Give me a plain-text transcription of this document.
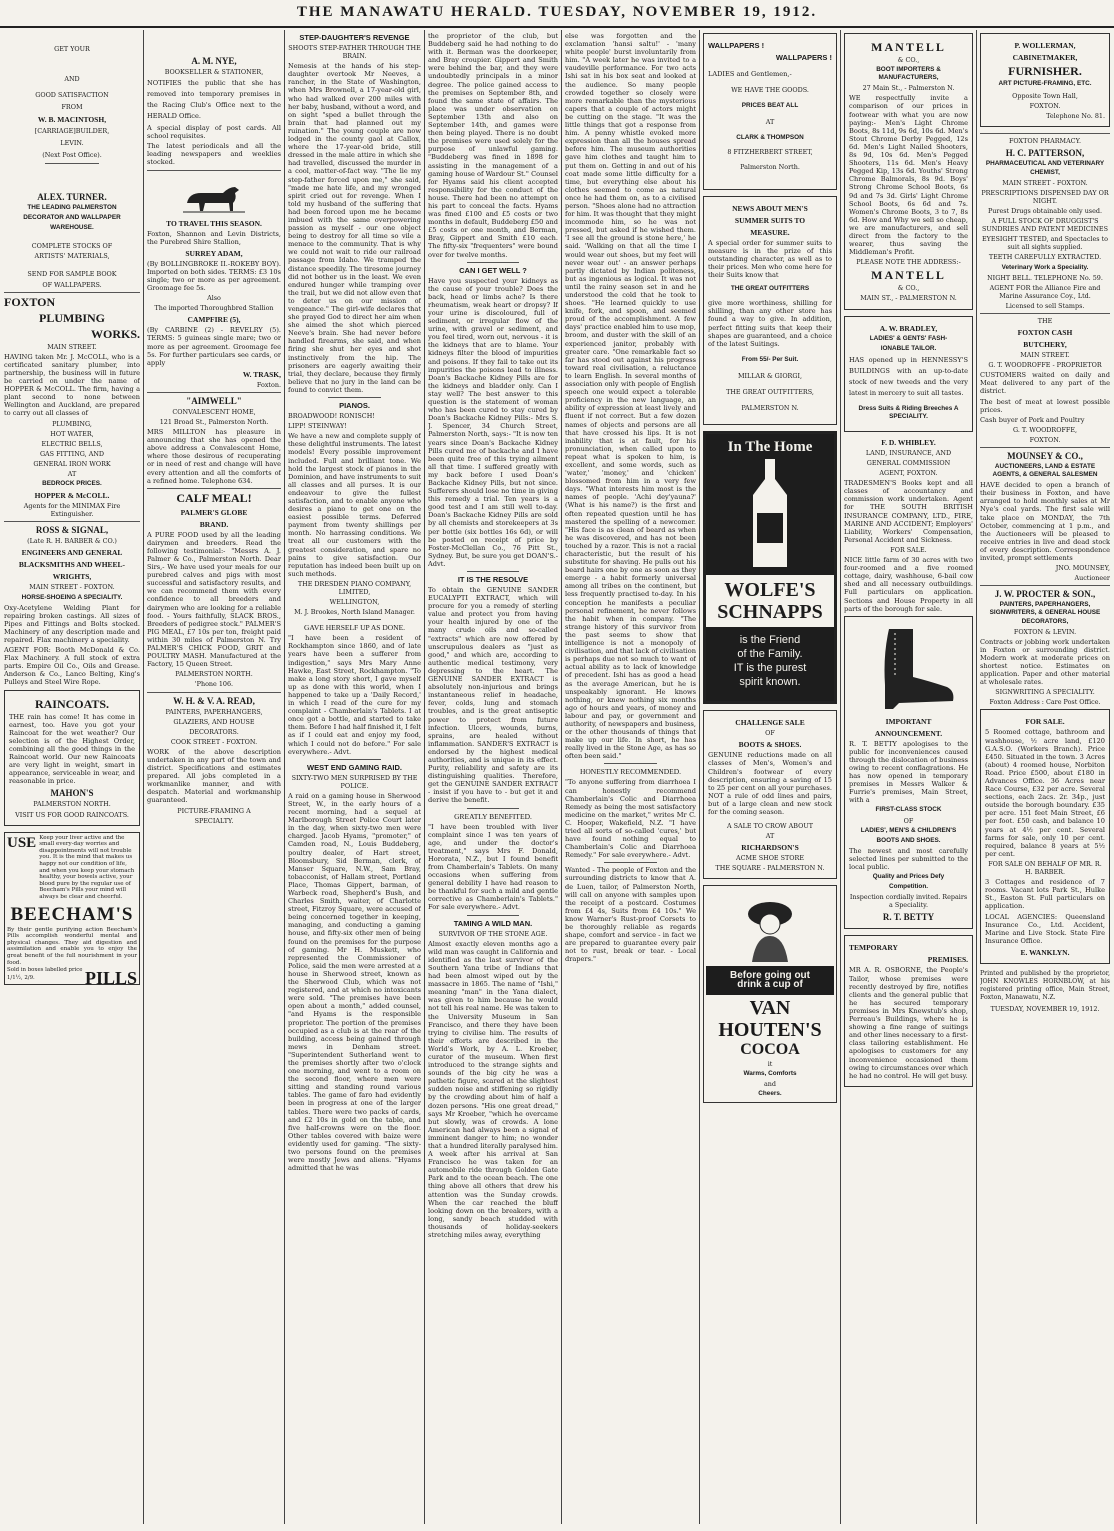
THE MANAWATU HERALD. TUESDAY, NOVEMBER 19, 1912.
GET YOUR
AND
GOOD SATISFACTION
FROM
W. B. MACINTOSH,
[CARRIAGE]BUILDER,
LEVIN.
(Next Post Office).
ALEX. TURNER.
THE LEADING PALMERSTON
DECORATOR AND WALLPAPER
WAREHOUSE.
COMPLETE STOCKS OF
ARTISTS' MATERIALS,
SEND FOR SAMPLE BOOK
OF WALLPAPERS.
FOXTON
PLUMBING
WORKS.
MAIN STREET.
HAVING taken Mr. J. McCOLL, who is a certificated sanitary plumber, into partnership, the business will in future be carried on under the name of HOPPER & McCOLL. The firm, having a plant second to none between Wellington and Auckland, are prepared to carry out all classes of
PLUMBING,
HOT WATER,
ELECTRIC BELLS,
GAS FITTING, AND
GENERAL IRON WORK
AT
BEDROCK PRICES.
HOPPER & McCOLL.
Agents for the MINIMAX Fire Extinguisher.
ROSS & SIGNAL,
(Late R. H. BARBER & CO.)
ENGINEERS AND GENERAL
BLACKSMITHS AND WHEEL-
WRIGHTS,
MAIN STREET - FOXTON.
HORSE-SHOEING A SPECIALITY.
Oxy-Acetylene Welding Plant for repairing broken castings. All sizes of Pipes and Fittings and Bolts stocked. Machinery of any description made and repaired. Flax machinery a speciality.
AGENT FOR: Booth McDonald & Co. Flax Machinery. A full stock of extra parts. Empire Oil Co., Oils and Grease. Anderson & Co., Lanco Belting, King's Pulleys and Steel Wire Rope.
RAINCOATS.
THE rain has come! It has come in earnest, too. Have you got your Raincoat for the wet weather? Our selection is of the Highest Order, combining all the good things in the Raincoat world. Our new Raincoats are very light in weight, smart in appearance, serviceable in wear, and reasonable in price.
MAHON'S
PALMERSTON NORTH.
VISIT US FOR GOOD RAINCOATS.
USE Keep your liver active and the small every-day worries and disappointments will not trouble you. It is the mind that makes us happy not our condition of life, and when you keep your stomach healthy, your bowels active, your blood pure by the regular use of Beecham's Pills your mind will always be clear and cheerful.
BEECHAM'S
By their gentle purifying action Beecham's Pills accomplish wonderful mental and physical changes. They aid digestion and assimilation and enable you to enjoy the great benefit of the full nourishment in your food.
Sold in boxes labelled price 1/1½, 2/9.	PILLS
A. M. NYE,
BOOKSELLER & STATIONER,
NOTIFIES the public that she has removed into temporary premises in the Racing Club's Office next to the HERALD Office.
A special display of post cards. All school requisites.
The latest periodicals and all the leading newspapers and weeklies stocked.
TO TRAVEL THIS SEASON.
Foxton, Shannon and Levin Districts, the Purebred Shire Stallion,
SURREY ADAM,
(By BOLLINGBROKE II.-ROKEBY BOY). Imported on both sides. TERMS: £3 10s single; two or more as per agreement. Groomage fee 5s.
Also
The imported Thoroughbred Stallion
CAMPFIRE (5),
(By CARBINE (2) - REVELRY (5). TERMS: 5 guineas single mare; two or more as per agreement. Groomage fee 5s. For further particulars see cards, or apply
W. TRASK,
Foxton.
"AIMWELL"
CONVALESCENT HOME,
121 Broad St., Palmerston North.
MRS MILLTON has pleasure in announcing that she has opened the above address a Convalescent Home, where those desirous of recuperating or in need of rest and change will have every attention and all the comforts of a refined home. Telephone 634.
CALF MEAL!
PALMER'S GLOBE
BRAND.
A PURE FOOD used by all the leading dairymen and breeders. Read the following testimonial:- "Messrs A. J. Palmer & Co., Palmerston North. Dear Sirs,- We have used your meals for our purebred calves and pigs with most successful and satisfactory results, and we can recommend them with every confidence to all breeders and dairymen who are looking for a reliable food. - Yours faithfully, SLACK BROS., Breeders of pedigree stock." PALMER'S PIG MEAL, £7 10s per ton, freight paid within 30 miles of Palmerston N. Try PALMER'S CHICK FOOD, GRIT and POULTRY MASH. Manufactured at the Factory, 15 Queen Street.
PALMERSTON NORTH.
'Phone 106.
W. H. & V. A. READ,
PAINTERS, PAPERHANGERS,
GLAZIERS, AND HOUSE
DECORATORS.
COOK STREET - FOXTON.
WORK of the above description undertaken in any part of the town and district. Specifications and estimates prepared. All jobs completed in a workmanlike manner, and with despatch. Material and workmanship guaranteed.
PICTURE-FRAMING A
SPECIALTY.
STEP-DAUGHTER'S REVENGE
SHOOTS STEP-FATHER THROUGH THE BRAIN.
Nemesis at the hands of his step-daughter overtook Mr Neeves, a rancher, in the State of Washington, when Mrs Brownell, a 17-year-old girl, who had walked over 200 miles with her baby, husband, without a word, and on sight "sped a bullet through the brain that had planned out my ruination." The young couple are now lodged in the county gaol at Callox, where the 17-year-old bride, still dressed in the male attire in which she had travelled, discussed the murder in a cool, matter-of-fact way. "The lie my step-father forced upon me," she said, "made me hate life, and my wronged spirit cried out for revenge. When I told my husband of the suffering that had been forced upon me he became imbued with the same overpowering passion as myself - our one object being to destroy for all time so vile a menace to the community. That is why we could not wait to ride our railroad passage from Idaho. We tramped the distance speedily. The tiresome journey did not bother us in the least. We even endured hunger while tramping over the trail, but we did not allow even that to deter us on our mission of vengeance." The girl-wife declares that she prayed God to direct her aim when she aimed the shot which pierced Neeve's brain. She had never before handled firearms, she said, and when firing she shut her eyes and shot instinctively from the hip. The prisoners are eagerly awaiting their trial, they declare, because they firmly believe that no jury in the land can be found to convict them.
PIANOS.
BROADWOOD! RONISCH!
LIPP! STEINWAY!
We have a new and complete supply of these delightful instruments. The latest models! Every possible improvement included. Full and brilliant tone. We hold the largest stock of pianos in the Dominion, and have instruments to suit all classes and all purses. It is our endeavour to give the fullest satisfaction, and to enable anyone who desires a piano to get one on the easiest possible terms. Deferred payment from twenty shillings per month. No harrassing conditions. We treat all our customers with the greatest consideration, and spare no pains to give satisfaction. Our reputation has indeed been built up on such methods.
THE DRESDEN PIANO COMPANY, LIMITED,
WELLINGTON,
M. J. Brookes, North Island Manager.
GAVE HERSELF UP AS DONE.
"I have been a resident of Rockhampton since 1860, and of late years have been a sufferer from indigestion," says Mrs Mary Anne Hawke, East Street, Rockhampton. "To make a long story short, I gave myself up as done with this world, when I happened to take up a 'Daily Record,' in which I read of the cure for my complaint - Chamberlain's Tablets. I at once got a bottle, and started to take them. Before I had half finished it, I felt as if I could eat and enjoy my food, which I could not do before." For sale everywhere.- Advt.
WEST END GAMING RAID.
SIXTY-TWO MEN SURPRISED BY THE POLICE.
A raid on a gaming house in Sherwood Street, W., in the early hours of a recent morning, had a sequel at Marlborough Street Police Court later in the day, when sixty-two men were charged. Jacob Hyams, "promoter," of Camden road, N., Louis Buddeberg, poultry dealer, of Hart street, Bloomsbury, Sid Berman, clerk, of Manser Square, N.W., Sam Bray, tobacconist, of Hallam street, Portland Place, Thomas Gippert, barman, of Warbeck road, Shepherd's Bush, and Charles Smith, waiter, of Charlotte street, Fitzroy Square, were accused of being concerned together in keeping, managing, and conducting a gaming house, and fifty-six other men of being found on the premises for the purpose of gaming. Mr H. Muskett, who represented the Commissioner of Police, said the men were arrested at a house in Sherwood street, known as the Sherwood Club, which was not registered, and at which no intoxicants were sold. "The premises have been open about a month," added counsel, "and Hyams is the responsible proprietor. The portion of the premises occupied as a club is at the rear of the building, access being gained through mews in Denham street. "Superintendent Sutherland went to the premises shortly after two o'clock one morning, and went to a room on the second floor, where men were sitting and standing round various tables. The game of faro had evidently been in progress at one of the larger tables. There were two packs of cards, and £2 10s in gold on the table, and five half-crowns were on the floor. Other tables covered with baize were evidently used for gaming. "The sixty-two persons found on the premises were mostly Jews and aliens. "Hyams admitted that he was
the proprietor of the club, but Buddeberg said he had nothing to do with it. Berman was the doorkeeper, and Bray croupier. Gippert and Smith were behind the bar, and they were undoubtedly principals in a minor degree. The police gained access to the premises on September 8th, and found the same state of affairs. The place was under observation on September 13th and also on September 14th, and games were then being played. There is no doubt the premises were used solely for the purpose of unlawful gaming. "Buddeberg was fined in 1898 for assisting in the management of a gaming house of Wardour St." Counsel for Hyams said his client accepted responsibility for the conduct of the house. There had been no attempt on his part to conceal the facts. Hyams was fined £100 and £5 costs or two months in default, Buddeberg £50 and £5 costs or one month, and Berman, Bray, Gippert and Smith £10 each. The fifty-six "frequenters" were bound over for twelve months.
CAN I GET WELL ?
Have you suspected your kidneys as the cause of your trouble? Does the back, head or limbs ache? Is there rheumatism, weak heart or dropsy? If your urine is discoloured, full of sediment, or irregular flow of the urine, with gravel or sediment, and you feel tired, worn out, nervous - it is the kidneys that are to blame. Your kidneys filter the blood of impurities and poisons. If they fail to take out its impurities the poisons lead to illness. Doan's Backache Kidney Pills are for the kidneys and bladder only. Can I stay well? The best answer to this question is the statement of woman who has been cured to stay cured by Doan's Backache Kidney Pills:- Mrs S. J. Spencer, 34 Church Street, Palmerston North, says:- "It is now ten years since Doan's Backache Kidney Pills cured me of backache and I have been quite free of this trying ailment all that time. I suffered greatly with my back before I used Doan's Backache Kidney Pills, but not since. Sufferers should lose no time in giving this remedy a trial. Ten years is a good test and I am still well to-day. Doan's Backache Kidney Pills are sold by all chemists and storekeepers at 3s per bottle (six bottles 16s 6d), or will be posted on receipt of price by Foster-McClellan Co., 76 Pitt St., Sydney. But, be sure you get DOAN'S.- Advt.
IT IS THE RESOLVE
To obtain the GENUINE SANDER EUCALYPTI EXTRACT, which will procure for you a remedy of sterling value and protect you from having your health injured by one of the many crude oils and so-called "extracts" which are now offered by unscrupulous dealers as "just as good," and which are, according to authentic medical testimony, very depressing to the heart. The GENUINE SANDER EXTRACT is absolutely non-injurious and brings instantaneous relief in headache, fever, colds, lung and stomach troubles, and is the great antiseptic power to protect from future infection. Ulcers, wounds, burns, sprains, are healed without inflammation. SANDER'S EXTRACT is endorsed by the highest medical authorities, and is unique in its effect. Purity, reliability and safety are its distinguishing qualities. Therefore, get the GENUINE SANDER EXTRACT - insist if you have to - but get it and derive the benefit.
GREATLY BENEFITED.
"I have been troubled with liver complaint since I was ten years of age, and under the doctor's treatment," says Mrs F. Donald, Hororata, N.Z., but I found benefit from Chamberlain's Tablets. On many occasions when suffering from general debility I have had reason to be thankful for such a mild and gentle corrective as Chamberlain's Tablets." For sale everywhere.- Advt.
TAMING A WILD MAN.
SURVIVOR OF THE STONE AGE.
Almost exactly eleven months ago a wild man was caught in California and identified as the last survivor of the Southern Yana tribe of Indians that had been almost wiped out by the massacre in 1865. The name of "Ishi," meaning "man" in the Yana dialect, was given to him because he would not tell his real name. He was taken to the University Museum in San Francisco, and there they have been trying to civilise him. The results of their efforts are described in the World's Work, by A. L. Kroeber, curator of the museum. When first introduced to the strange sights and sounds of the big city he was a pathetic figure, scared at the slightest sudden noise and stiffening so rigidly by the crowding about him of half a dozen persons. "His one great dread," says Mr Kroeber, "which he overcame but slowly, was of crowds. A lone American had always been a signal of imminent danger to him; no wonder that a hundred literally paralysed him. A week after his arrival at San Francisco he was taken for an automobile ride through Golden Gate Park and to the ocean beach. The one thing above all others that drew his attention was the Sunday crowds. When the car reached the bluff looking down on the breakers, with a long, sandy beach studded with thousands of holiday-seekers stretching miles away, everything
else was forgotten and the exclamation 'hansi saltu!' - 'many white people' burst involuntarily from him. "A week later he was invited to a vaudeville performance. For two acts Ishi sat in his box seat and looked at the audience. So many people crowded together so closely were more remarkable than the mysterious capers that a couple of actors might be cutting on the stage. "It was the little things that got a response from him. A penny whistle evoked more expression than all the houses spread before him. The museum authorities gave him clothes and taught him to put them on. Getting in and out of his coat made some little difficulty for a time, but everything else about his clothes seemed to come as natural once he had them on, as to a civilised person. "Shoes alone had no attraction for him. It was thought that they might incommode him, so he was not pressed, but asked if he wished them. 'I see all the ground is stone here,' he said. 'Walking on that all the time I would wear out shoes, but my feet will never wear out' - an answer perhaps partly dictated by Indian politeness, but as ingenious as logical. It was not until the rainy season set in and he understood the cold that he took to shoes. "He learned quickly to use knife, fork, and spoon, and seemed proud of the accomplishment. A few days' practice enabled him to use mop, broom, and duster with the skill of an experienced janitor, probably with greater care. "One remarkable fact so far has stood out against his progress toward real civilisation, a reluctance to learn English. In several months of association only with people of English speech one would expect a tolerable proficiency in the new language, an ability of expression at least lively and fluent if not correct. But a few dozen names of objects and persons are all that have crossed his lips. It is not inability that is at fault, for his pronunciation, when called upon to repeat what is spoken to him, is excellent, and some words, such as 'water,' 'money,' and 'chicken' blossomed from him in a very few days. "What interests him most is the names of people. 'Achi dey'yauna?' (What is his name?) is the first and often repeated question until he has mastered the spelling of a newcomer. "His face is as clean of beard as when he was discovered, and has not been touched by a razor. This is not a racial characteristic, but the result of his substitute for shaving. He pulls out his beard hairs one by one as soon as they emerge - a habit formerly universal among all tribes on the continent, but less frequently practised to-day. In his conception he manifests a peculiar personal refinement, he never follows the habit when in company. "The strange history of this survivor from the past seems to show that intelligence is not a monopoly of civilisation, and that lack of civilisation is perhaps due not so much to want of actual ability as to lack of knowledge of precedent. Ishi has as good a head as the average American, but he is unspeakably ignorant. He knows nothing, or knew nothing six months ago of hours and years, of money and labour and pay, or government and authority, of newspapers and business, or the other thousands of things that make up our life. In short, he has really lived in the Stone Age, as has so often been said."
HONESTLY RECOMMENDED.
"To anyone suffering from diarrhoea I can honestly recommend Chamberlain's Colic and Diarrhoea Remedy as being the most satisfactory medicine on the market," writes Mr C. C. Hooper, Wakefield, N.Z. "I have tried all sorts of so-called 'cures,' but have found nothing equal to Chamberlain's Colic and Diarrhoea Remedy." For sale everywhere.- Advt.
Wanted - The people of Foxton and the surrounding districts to know that A. de Luen, tailor, of Palmerston North, will call on anyone with samples upon the receipt of a postcard. Costumes from £4 4s, Suits from £4 10s." We know Warner's Rust-proof Corsets to be thoroughly reliable as regards shape, comfort and service - in fact we are prepared to guarantee every pair not to rust, break or tear. - Local drapers."
WALLPAPERS !
WALLPAPERS !
LADIES and Gentlemen,-
WE HAVE THE GOODS.
PRICES BEAT ALL
AT
CLARK & THOMPSON
8 FITZHERBERT STREET,
Palmerston North.
NEWS ABOUT MEN'S
SUMMER SUITS TO
MEASURE.
A special order for summer suits to measure is in the prize of this outstanding character, as well as to their prices. Men who come here for their Suits know that
THE GREAT OUTFITTERS
give more worthiness, shilling for shilling, than any other store has found a way to give. In addition, perfect fitting suits that keep their shapes are guaranteed, and a choice of the latest Suitings.
From 55/- Per Suit.
MILLAR & GIORGI,
THE GREAT OUTFITTERS,
PALMERSTON N.
In The Home
WOLFE'S
SCHNAPPS
is the Friend
of the Family.
IT is the purest
spirit known.
CHALLENGE SALE
OF
BOOTS & SHOES.
GENUINE reductions made on all classes of Men's, Women's and Children's footwear of every description, ensuring a saving of 15 to 25 per cent on all your purchases. NOT a rule of odd lines and pairs, but of a large clean and new stock for the coming season.
A SALE TO CROW ABOUT
AT
RICHARDSON'S
ACME SHOE STORE
THE SQUARE - PALMERSTON N.
Before going out
drink a cup of
VAN
HOUTEN'S
COCOA
it
Warms, Comforts
and
Cheers.
MANTELL
& CO.,
BOOT IMPORTERS & MANUFACTURERS,
27 Main St., - Palmerston N.
WE respectfully invite a comparison of our prices in footwear with what you are now paying:- Men's Light Chrome Boots, 8s 11d, 9s 6d, 10s 6d. Men's Stout Chrome Derby Pegged, 12s 6d. Men's Light Nailed Shooters, 8s 9d, 10s 6d. Men's Pegged Shooters, 11s 6d. Men's Heavy Pegged Kip, 13s 6d. Youths' Strong Chrome Balmorals, 8s 9d. Boys' Strong Chrome School Boots, 6s 9d and 7s 3d. Girls' Light Chrome School Boots, 6s 6d and 7s. Women's Chrome Boots, 3 to 7, 8s 6d. How and Why we sell so cheap, we are manufacturers, and sell direct from the factory to the wearer, thus saving the Middleman's Profit.
PLEASE NOTE THE ADDRESS:-
MANTELL
& CO.,
MAIN ST., - PALMERSTON N.
A. W. BRADLEY,
LADIES' & GENTS' FASH-
IONABLE TAILOR.
HAS opened up in HENNESSY'S BUILDINGS with an up-to-date stock of new tweeds and the very latest in mercery to suit all tastes.
Dress Suits & Riding Breeches A SPECIALITY.
F. D. WHIBLEY.
LAND, INSURANCE, AND
GENERAL COMMISSION
AGENT, FOXTON.
TRADESMEN'S Books kept and all classes of accountancy and commission work undertaken. Agent for THE SOUTH BRITISH INSURANCE COMPANY, LTD., FIRE, MARINE AND ACCIDENT; Employers' Liability, Workers' Compensation, Personal Accident and Sickness.
FOR SALE.
NICE little farm of 30 acres with two four-roomed and a five roomed cottage, dairy, washhouse, 6-bail cow shed and all necessary outbuildings. Full particulars on application. Sections and House Property in all parts of the borough for sale.
IMPORTANT
ANNOUNCEMENT.
R. T. BETTY apologises to the public for inconveniences caused through the dislocation of business owing to recent conflagrations. He has now opened in temporary premises in Messrs Walker & Furrie's premises, Main Street, with a
FIRST-CLASS STOCK
OF
LADIES', MEN'S & CHILDREN'S
BOOTS AND SHOES.
The newest and most carefully selected lines per submitted to the local public.
Quality and Prices Defy
Competition.
Inspection cordially invited. Repairs a Speciality.
R. T. BETTY
TEMPORARY
PREMISES.
MR A. R. OSBORNE, the People's Tailor, whose premises were recently destroyed by fire, notifies clients and the general public that he has secured temporary premises in Mrs Knewstub's shop, Perreau's Buildings, where he is showing a fine range of suitings and other lines necessary to a first-class tailoring establishment. He apologises to customers for any inconvenience occasioned them owing to circumstances over which he had no control. He will get busy.
P. WOLLERMAN,
CABINETMAKER,
FURNISHER.
ART PICTURE-FRAMING, ETC.
Opposite Town Hall,
FOXTON.
Telephone No. 81.
FOXTON PHARMACY.
H. C. PATTERSON,
PHARMACEUTICAL AND VETERINARY CHEMIST,
MAIN STREET - FOXTON.
PRESCRIPTIONS DISPENSED DAY OR NIGHT.
Purest Drugs obtainable only used.
A FULL STOCK OF DRUGGIST'S SUNDRIES AND PATENT MEDICINES
EYESIGHT TESTED, and Spectacles to suit all sights supplied.
TEETH CAREFULLY EXTRACTED.
Veterinary Work a Speciality.
NIGHT BELL. TELEPHONE No. 59.
AGENT FOR the Alliance Fire and Marine Assurance Coy., Ltd.
Licensed to sell Stamps.
THE
FOXTON CASH
BUTCHERY,
MAIN STREET.
G. T. WOODROFFE - PROPRIETOR
CUSTOMERS waited on daily and Meat delivered to any part of the district.
The best of meat at lowest possible prices.
Cash buyer of Pork and Poultry
G. T. WOODROFFE,
FOXTON.
MOUNSEY & CO.,
AUCTIONEERS, LAND & ESTATE AGENTS, & GENERAL SALESMEN
HAVE decided to open a branch of their business in Foxton, and have arranged to hold monthly sales at Mr Nye's coal yards. The first sale will take place on MONDAY, the 7th October, commencing at 1 p.m., and the Auctioneers will be pleased to receive entries in live and dead stock of every description. Correspondence invited, prompt settlements
JNO. MOUNSEY,
Auctioneer
J. W. PROCTER & SON.,
PAINTERS, PAPERHANGERS, SIGNWRITERS, & GENERAL HOUSE DECORATORS,
FOXTON & LEVIN.
Contracts or jobbing work undertaken in Foxton or surrounding district. Modern work at moderate prices on shortest notice. Estimates on application. Paper and other material at wholesale rates.
SIGNWRITING A SPECIALITY.
Foxton Address : Care Post Office.
FOR SALE.
5 Roomed cottage, bathroom and washhouse, ½ acre land, £120 G.A.S.O. (Workers Branch). Price £450. Situated in the town. 3 Acres (about) 4 roomed house, Norbiton Road. Price £500, about £180 in Advances Office. 36 Acres near Race Course, £32 per acre. Several sections, each 2acs. 2r. 34p., just outside the borough boundary. £35 per acre. 151 feet Main Street, £6 per foot. £50 cash, and balance 10 years at 4½ per cent. Several farms for sale, only 10 per cent. required, balance 8 years at 5½ per cent.
FOR SALE ON BEHALF OF MR. R. H. BARBER.
3 Cottages and residence of 7 rooms. Vacant lots Park St., Hulke St., Easton St. Full particulars on application.
LOCAL AGENCIES: Queensland Insurance Co., Ltd. Accident, Marine and Live Stock. State Fire Insurance Office.
E. WANKLYN.
Printed and published by the proprietor, JOHN KNOWLES HORNBLOW, at his registered printing office, Main Street, Foxton, Manawatu, N.Z.
TUESDAY, NOVEMBER 19, 1912.
